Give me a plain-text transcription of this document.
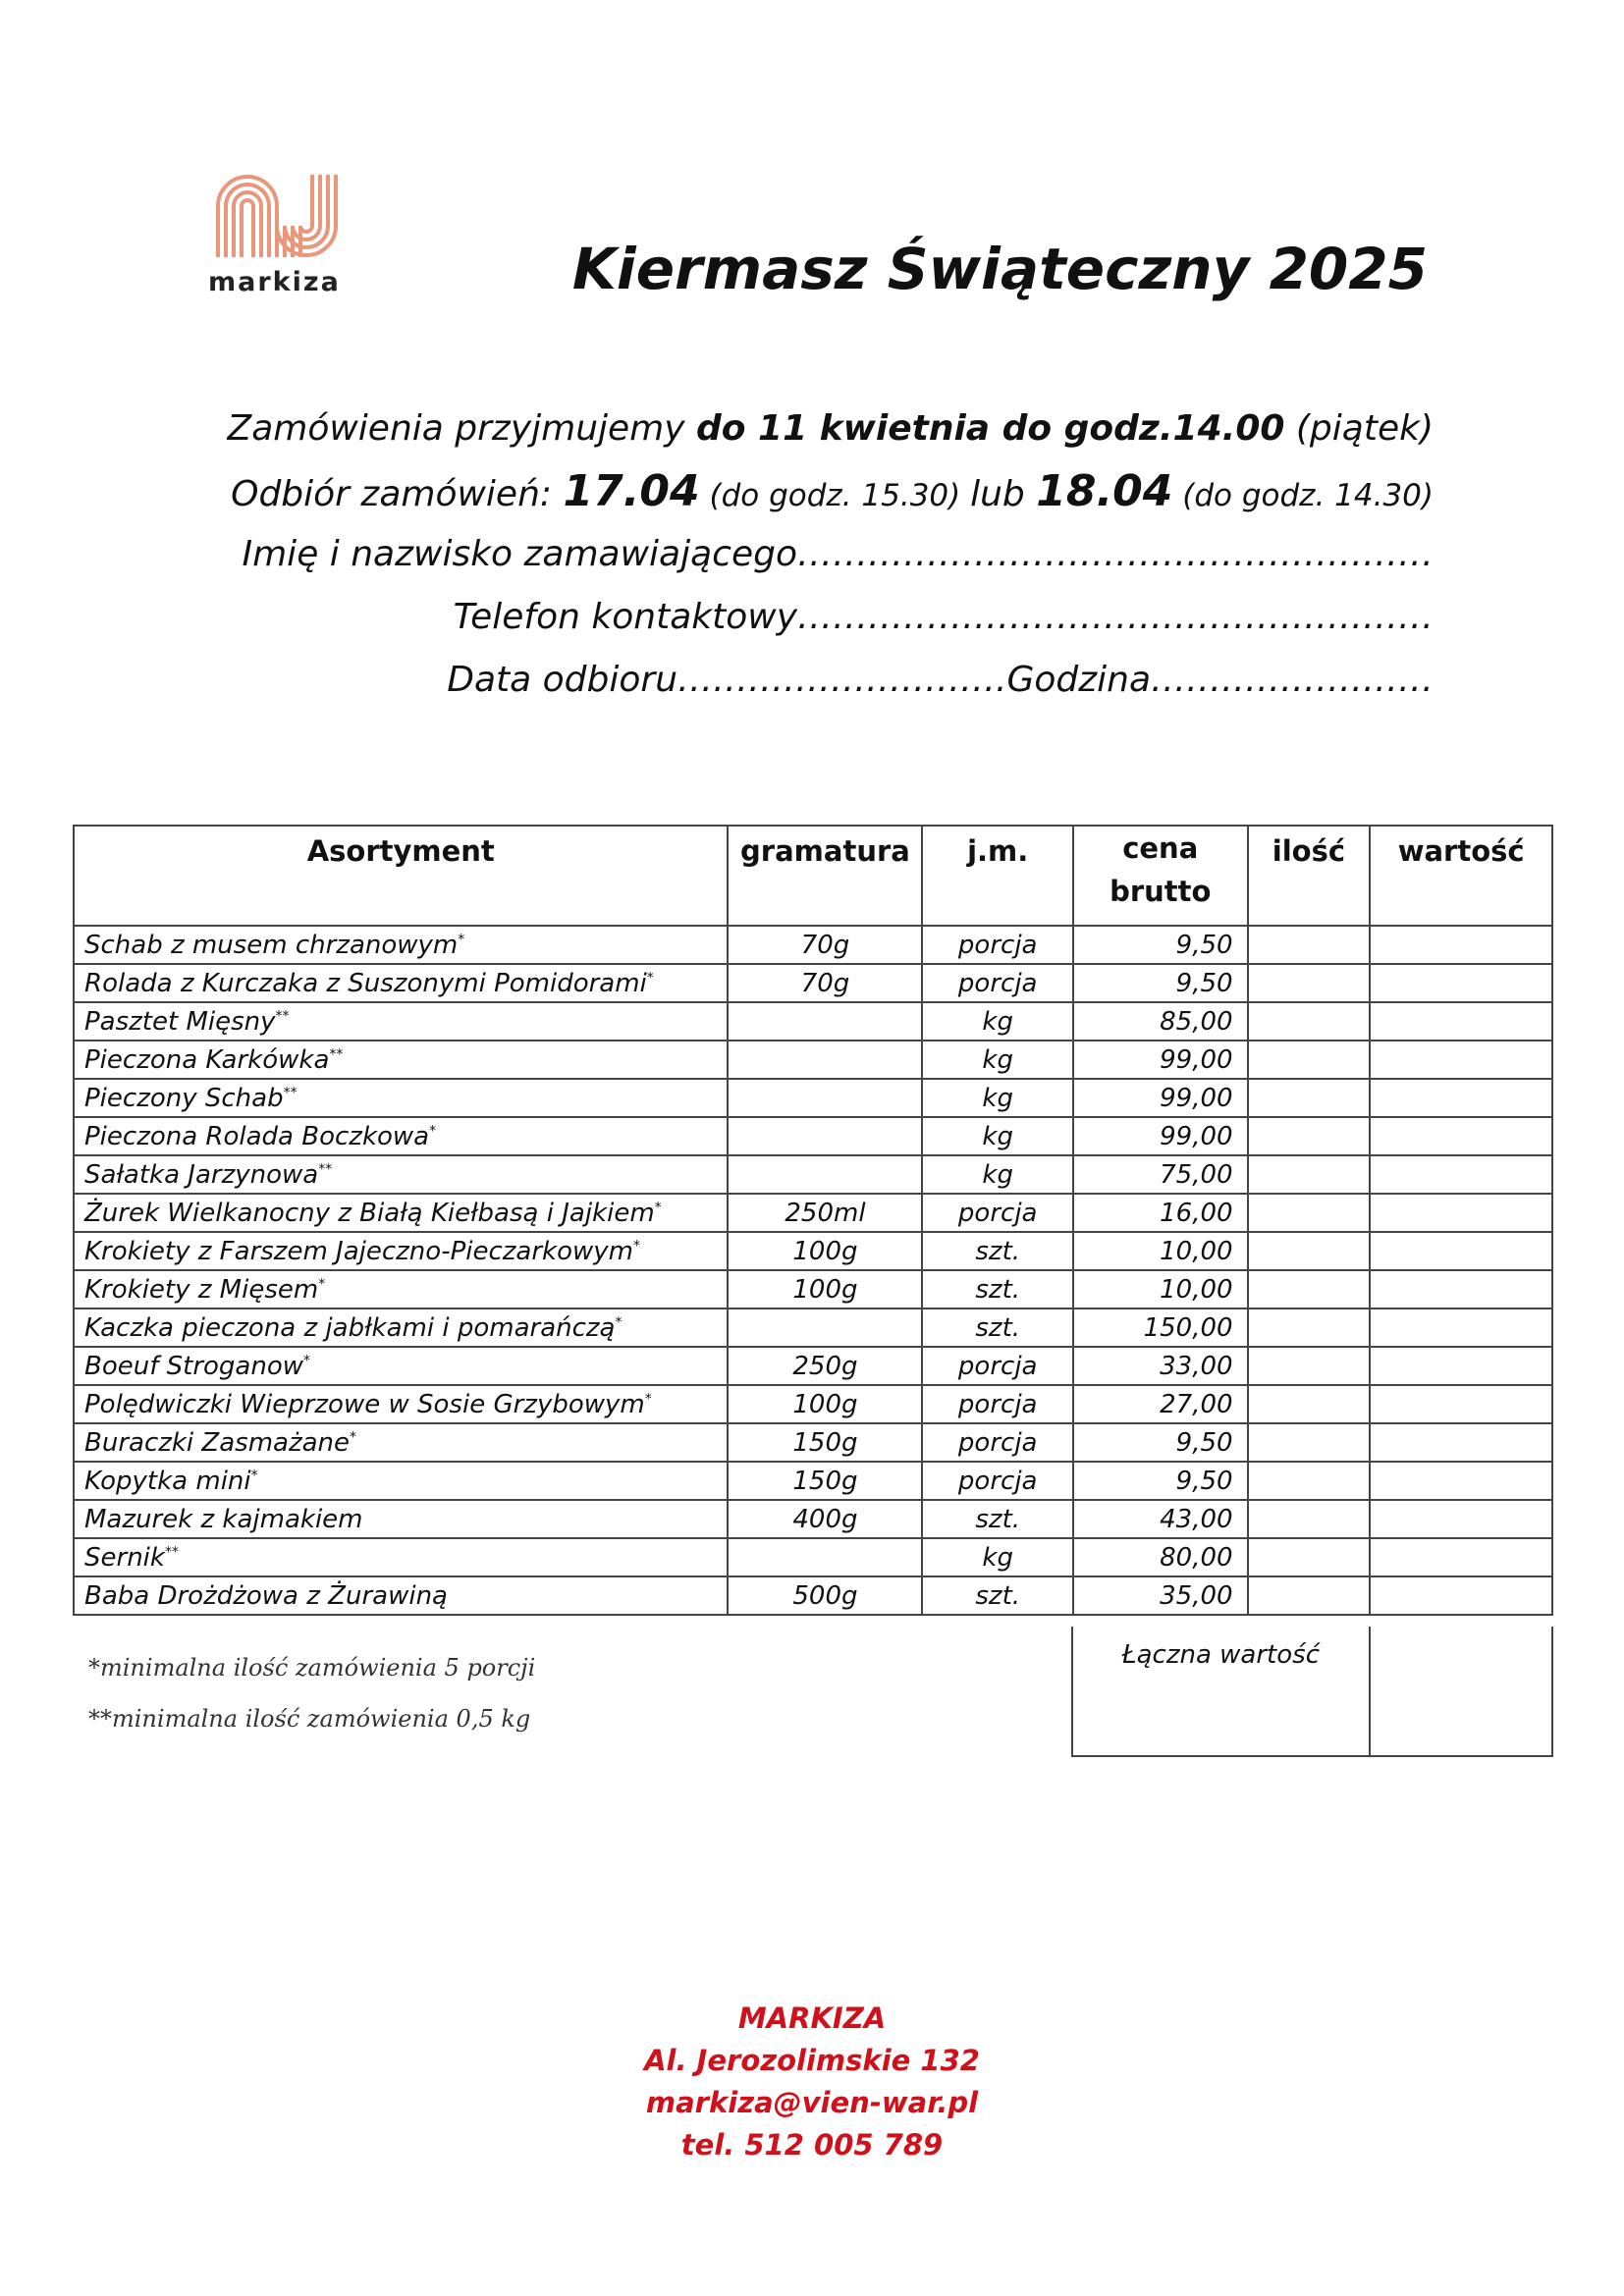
markiza	Kiermasz Świąteczny 2025
Zamówienia przyjmujemy do 11 kwietnia do godz.14.00 (piątek)
Odbiór zamówień: 17.04 (do godz. 15.30) lub 18.04 (do godz. 14.30)
Imię i nazwisko zamawiającego………………………………………………
Telefon kontaktowy………………………………………………
Data odbioru……………………….Godzina……………………
Asortyment	gramatura	j.m.	cena brutto	ilość	wartość
Schab z musem chrzanowym*	70g	porcja	9,50		
Rolada z Kurczaka z Suszonymi Pomidorami*	70g	porcja	9,50		
Pasztet Mięsny**		kg	85,00		
Pieczona Karkówka**		kg	99,00		
Pieczony Schab**		kg	99,00		
Pieczona Rolada Boczkowa*		kg	99,00		
Sałatka Jarzynowa**		kg	75,00		
Żurek Wielkanocny z Białą Kiełbasą i Jajkiem*	250ml	porcja	16,00		
Krokiety z Farszem Jajeczno-Pieczarkowym*	100g	szt.	10,00		
Krokiety z Mięsem*	100g	szt.	10,00		
Kaczka pieczona z jabłkami i pomarańczą*		szt.	150,00		
Boeuf Stroganow*	250g	porcja	33,00		
Polędwiczki Wieprzowe w Sosie Grzybowym*	100g	porcja	27,00		
Buraczki Zasmażane*	150g	porcja	9,50		
Kopytka mini*	150g	porcja	9,50		
Mazurek z kajmakiem	400g	szt.	43,00		
Sernik**		kg	80,00		
Baba Drożdżowa z Żurawiną	500g	szt.	35,00		
Łączna wartość
*minimalna ilość zamówienia 5 porcji
**minimalna ilość zamówienia 0,5 kg
MARKIZA
Al. Jerozolimskie 132
markiza@vien-war.pl
tel. 512 005 789
